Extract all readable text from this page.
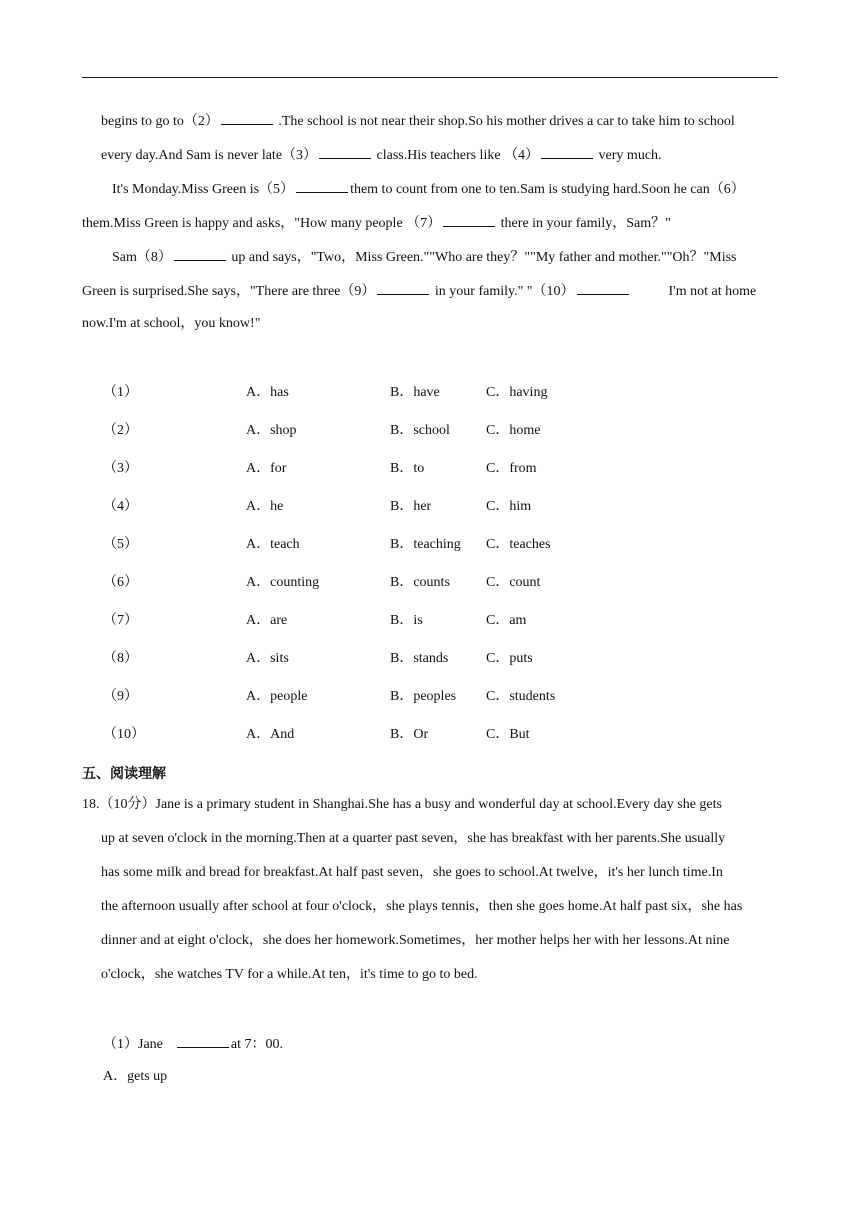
begins to go to（2）	.The school is not near their shop.So his mother drives a car to take him to school
every day.And Sam is never late（3）	class.His teachers like （4）	very much.
It's Monday.Miss Green is（5）	them to count from one to ten.Sam is studying hard.Soon he can（6）
them.Miss Green is happy and asks，"How many people （7）	there in your family，Sam？"
Sam（8）	up and says，"Two，Miss Green.""Who are they？""My father and mother.""Oh？"Miss
Green is surprised.She says，"There are three（9）	in your family." "（10）	I'm not at home
now.I'm at school，you know!"
（1）	A．has	B．have	C．having
（2）	A．shop	B．school	C．home
（3）	A．for	B．to	C．from
（4）	A．he	B．her	C．him
（5）	A．teach	B．teaching C．teaches
（6）	A．counting	B．counts	C．count
（7）	A．are	B．is	C．am
（8）	A．sits	B．stands	C．puts
（9）	A．people	B．peoples C．students
（10）	A．And	B．Or	C．But
五、阅读理解
18.（10分）Jane is a primary student in Shanghai.She has a busy and wonderful day at school.Every day she gets
up at seven o'clock in the morning.Then at a quarter past seven，she has breakfast with her parents.She usually
has some milk and bread for breakfast.At half past seven，she goes to school.At twelve，it's her lunch time.In
the afternoon usually after school at four o'clock，she plays tennis，then she goes home.At half past six，she has
dinner and at eight o'clock，she does her homework.Sometimes，her mother helps her with her lessons.At nine
o'clock，she watches TV for a while.At ten，it's time to go to bed.
（1）Jane	at 7：00.
A．gets up
